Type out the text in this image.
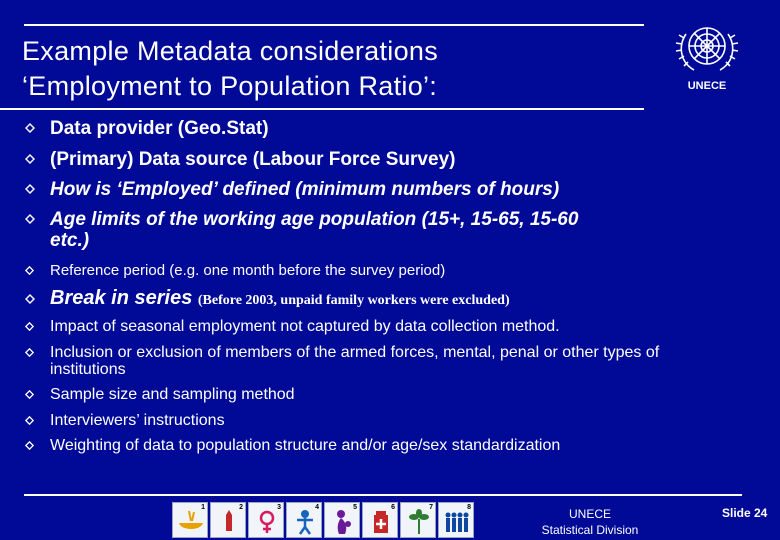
Example Metadata considerations
‘Employment to Population Ratio’:	UNECE
Data provider (Geo.Stat)
(Primary) Data source (Labour Force Survey)
How is ‘Employed’ defined (minimum numbers of hours)
Age limits of the working age population (15+, 15-65, 15-60
etc.)
Reference period (e.g. one month before the survey period)
Break in series (Before 2003, unpaid family workers were excluded)
Impact of seasonal employment not captured by data collection method.
Inclusion or exclusion of members of the armed forces, mental, penal or other types of
institutions
Sample size and sampling method
Interviewers’ instructions
Weighting of data to population structure and/or age/sex standardization
1	2	3	4	5	6	7	8	UNECE
Statistical Division
Slide 24
